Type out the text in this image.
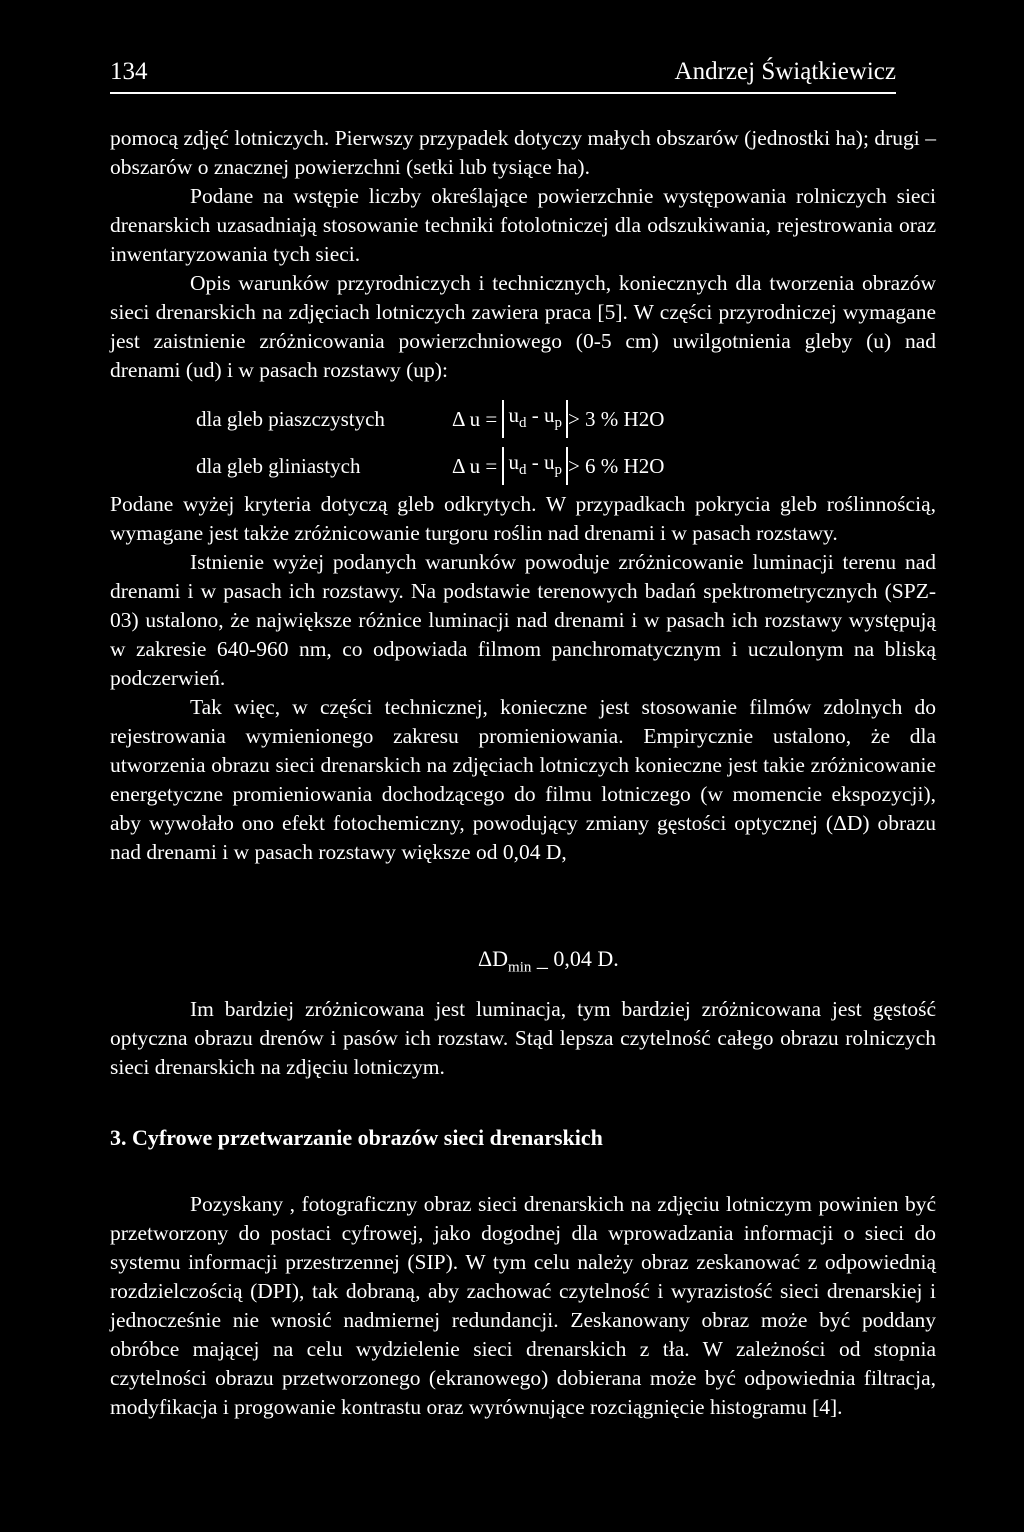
134	Andrzej Świątkiewicz

pomocą zdjęć lotniczych. Pierwszy przypadek dotyczy małych obszarów (jednostki ha); drugi – obszarów o znacznej powierzchni (setki lub tysiące ha).

Podane na wstępie liczby określające powierzchnie występowania rolniczych sieci drenarskich uzasadniają stosowanie techniki fotolotniczej dla odszukiwania, rejestrowania oraz inwentaryzowania tych sieci.

Opis warunków przyrodniczych i technicznych, koniecznych dla tworzenia obrazów sieci drenarskich na zdjęciach lotniczych zawiera praca [5]. W części przyrodniczej wymagane jest zaistnienie zróżnicowania powierzchniowego (0-5 cm) uwilgotnienia gleby (u) nad drenami (ud) i w pasach rozstawy (up):

dla gleb piaszczystych	Δ u =
$u_d - u_p > 3$ % H2O
dla gleb gliniastych	Δ u =
$u_d - u_p > 6$ % H2O

Podane wyżej kryteria dotyczą gleb odkrytych. W przypadkach pokrycia gleb roślinnością, wymagane jest także zróżnicowanie turgoru roślin nad drenami i w pasach rozstawy.

Istnienie wyżej podanych warunków powoduje zróżnicowanie luminacji terenu nad drenami i w pasach ich rozstawy. Na podstawie terenowych badań spektrometrycznych (SPZ-03) ustalono, że największe różnice luminacji nad drenami i w pasach ich rozstawy występują w zakresie 640-960 nm, co odpowiada filmom panchromatycznym i uczulonym na bliską podczerwień.

Tak więc, w części technicznej, konieczne jest stosowanie filmów zdolnych do rejestrowania wymienionego zakresu promieniowania. Empirycznie ustalono, że dla utworzenia obrazu sieci drenarskich na zdjęciach lotniczych konieczne jest takie zróżnicowanie energetyczne promieniowania dochodzącego do filmu lotniczego (w momencie ekspozycji), aby wywołało ono efekt fotochemiczny, powodujący zmiany gęstości optycznej (ΔD) obrazu nad drenami i w pasach rozstawy większe od 0,04 D,

$\Delta D_{min}$ _ 0,04 D.

Im bardziej zróżnicowana jest luminacja, tym bardziej zróżnicowana jest gęstość optyczna obrazu drenów i pasów ich rozstaw. Stąd lepsza czytelność całego obrazu rolniczych sieci drenarskich na zdjęciu lotniczym.

3. Cyfrowe przetwarzanie obrazów sieci drenarskich

Pozyskany , fotograficzny obraz sieci drenarskich na zdjęciu lotniczym powinien być przetworzony do postaci cyfrowej, jako dogodnej dla wprowadzania informacji o sieci do systemu informacji przestrzennej (SIP). W tym celu należy obraz zeskanować z odpowiednią rozdzielczością (DPI), tak dobraną, aby zachować czytelność i wyrazistość sieci drenarskiej i jednocześnie nie wnosić nadmiernej redundancji. Zeskanowany obraz może być poddany obróbce mającej na celu wydzielenie sieci drenarskich z tła. W zależności od stopnia czytelności obrazu przetworzonego (ekranowego) dobierana może być odpowiednia filtracja, modyfikacja i progowanie kontrastu oraz wyrównujące rozciągnięcie histogramu [4].
